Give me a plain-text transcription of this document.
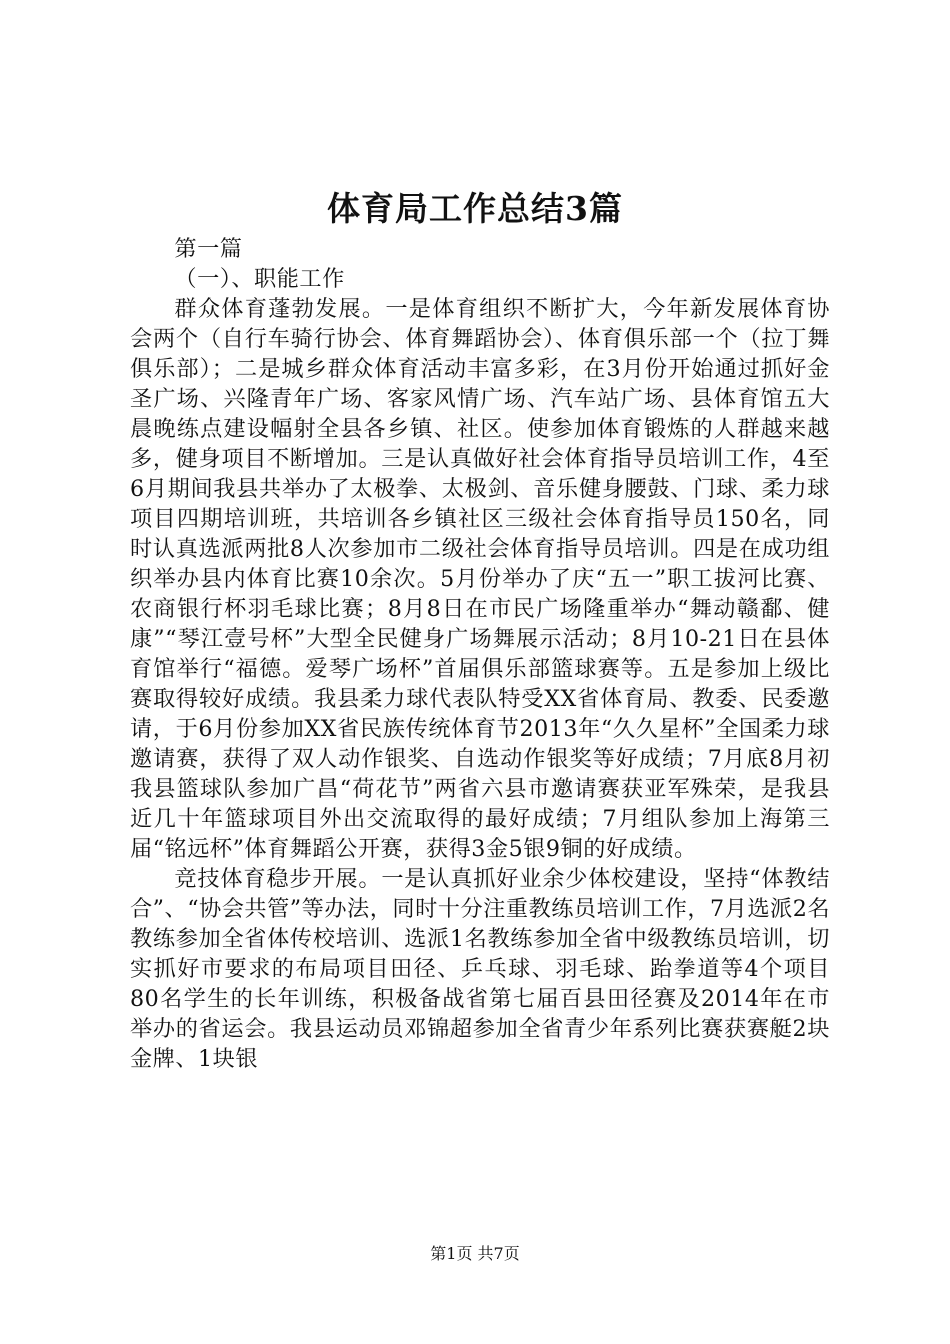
体育局工作总结3篇

第一篇

（一）、职能工作

群众体育蓬勃发展。一是体育组织不断扩大，今年新发展体育协会两个（自行车骑行协会、体育舞蹈协会）、体育俱乐部一个（拉丁舞俱乐部）；二是城乡群众体育活动丰富多彩，在3月份开始通过抓好金圣广场、兴隆青年广场、客家风情广场、汽车站广场、县体育馆五大晨晚练点建设幅射全县各乡镇、社区。使参加体育锻炼的人群越来越多，健身项目不断增加。三是认真做好社会体育指导员培训工作，4至6月期间我县共举办了太极拳、太极剑、音乐健身腰鼓、门球、柔力球项目四期培训班，共培训各乡镇社区三级社会体育指导员150名，同时认真选派两批8人次参加市二级社会体育指导员培训。四是在成功组织举办县内体育比赛10余次。5月份举办了庆“五一”职工拔河比赛、农商银行杯羽毛球比赛；8月8日在市民广场隆重举办“舞动赣鄱、健康”“琴江壹号杯”大型全民健身广场舞展示活动；8月10-21日在县体育馆举行“福德。爱琴广场杯”首届俱乐部篮球赛等。五是参加上级比赛取得较好成绩。我县柔力球代表队特受XX省体育局、教委、民委邀请，于6月份参加XX省民族传统体育节2013年“久久星杯”全国柔力球邀请赛，获得了双人动作银奖、自选动作银奖等好成绩；7月底8月初我县篮球队参加广昌“荷花节”两省六县市邀请赛获亚军殊荣，是我县近几十年篮球项目外出交流取得的最好成绩；7月组队参加上海第三届“铭远杯”体育舞蹈公开赛，获得3金5银9铜的好成绩。

竞技体育稳步开展。一是认真抓好业余少体校建设，坚持“体教结合”、“协会共管”等办法，同时十分注重教练员培训工作，7月选派2名教练参加全省体传校培训、选派1名教练参加全省中级教练员培训，切实抓好市要求的布局项目田径、乒乓球、羽毛球、跆拳道等4个项目80名学生的长年训练，积极备战省第七届百县田径赛及2014年在市举办的省运会。我县运动员邓锦超参加全省青少年系列比赛获赛艇2块金牌、1块银

第1页 共7页
